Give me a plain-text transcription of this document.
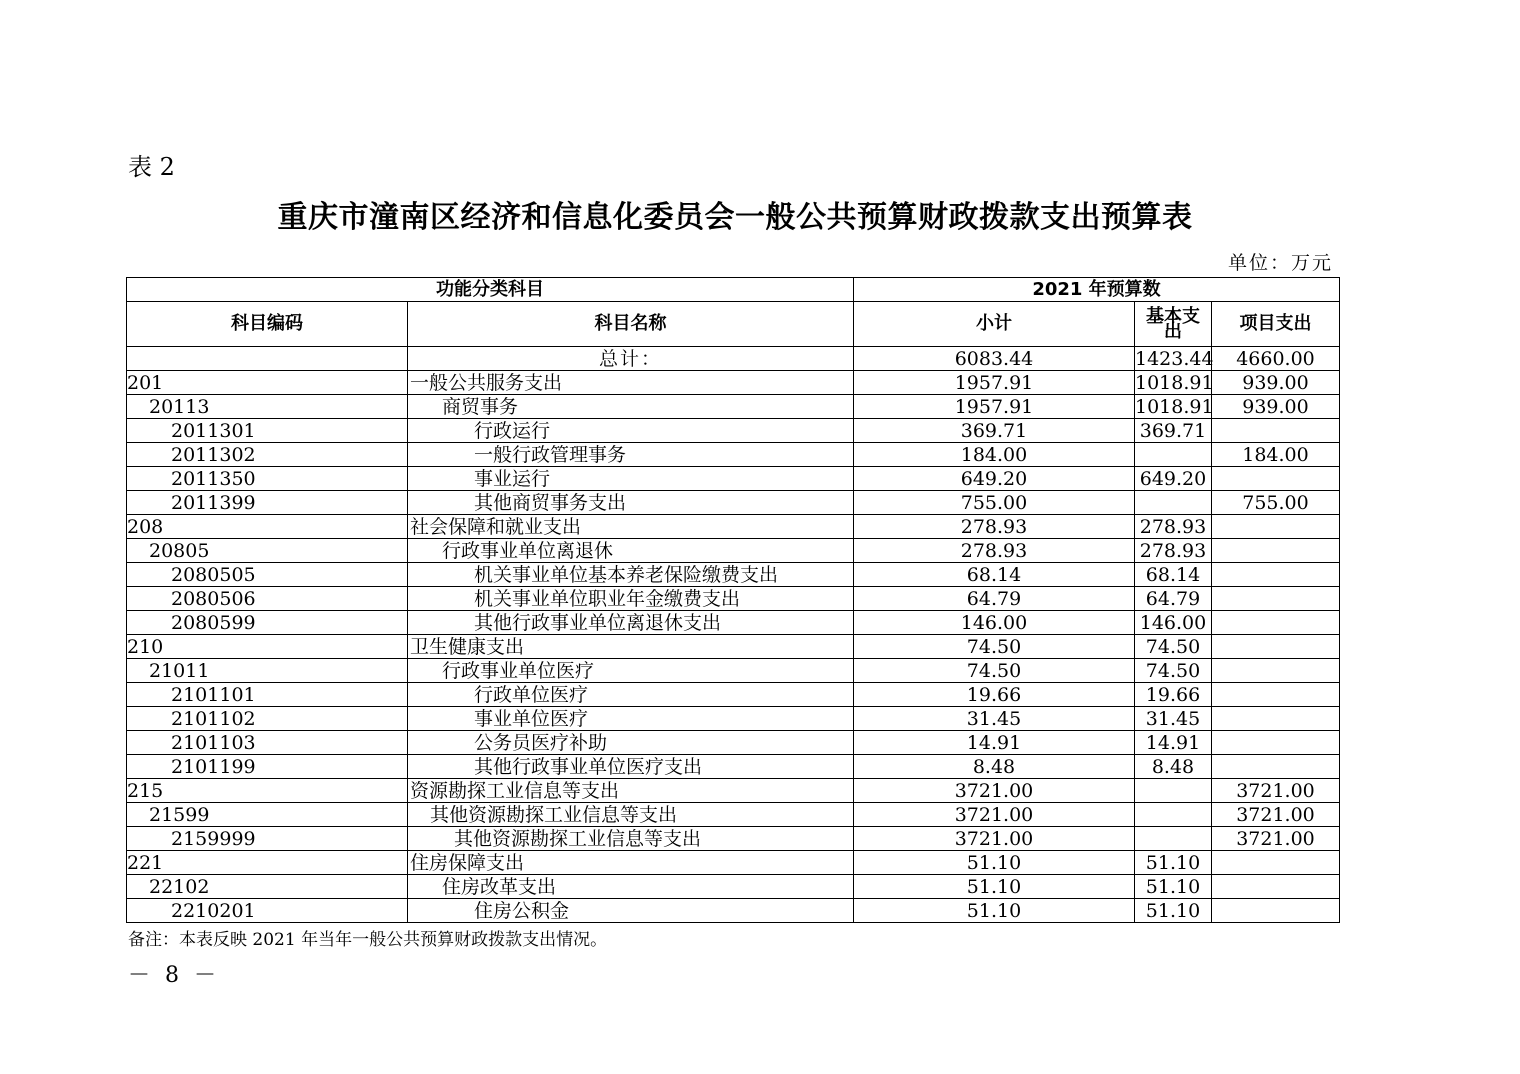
表 2
重庆市潼南区经济和信息化委员会一般公共预算财政拨款支出预算表
单位：万元
功能分类科目		2021 年预算数		
科目编码	科目名称	小计	基本支出	项目支出
	总计：	6083.44	1423.44	4660.00
201	一般公共服务支出	1957.91	1018.91	939.00
20113	商贸事务	1957.91	1018.91	939.00
2011301	行政运行	369.71	369.71	
2011302	一般行政管理事务	184.00		184.00
2011350	事业运行	649.20	649.20	
2011399	其他商贸事务支出	755.00		755.00
208	社会保障和就业支出	278.93	278.93	
20805	行政事业单位离退休	278.93	278.93	
2080505	机关事业单位基本养老保险缴费支出	68.14	68.14	
2080506	机关事业单位职业年金缴费支出	64.79	64.79	
2080599	其他行政事业单位离退休支出	146.00	146.00	
210	卫生健康支出	74.50	74.50	
21011	行政事业单位医疗	74.50	74.50	
2101101	行政单位医疗	19.66	19.66	
2101102	事业单位医疗	31.45	31.45	
2101103	公务员医疗补助	14.91	14.91	
2101199	其他行政事业单位医疗支出	8.48	8.48	
215	资源勘探工业信息等支出	3721.00		3721.00
21599	其他资源勘探工业信息等支出	3721.00		3721.00
2159999	其他资源勘探工业信息等支出	3721.00		3721.00
221	住房保障支出	51.10	51.10	
22102	住房改革支出	51.10	51.10	
2210201	住房公积金	51.10	51.10	
备注：本表反映 2021 年当年一般公共预算财政拨款支出情况。
－ 8 －
